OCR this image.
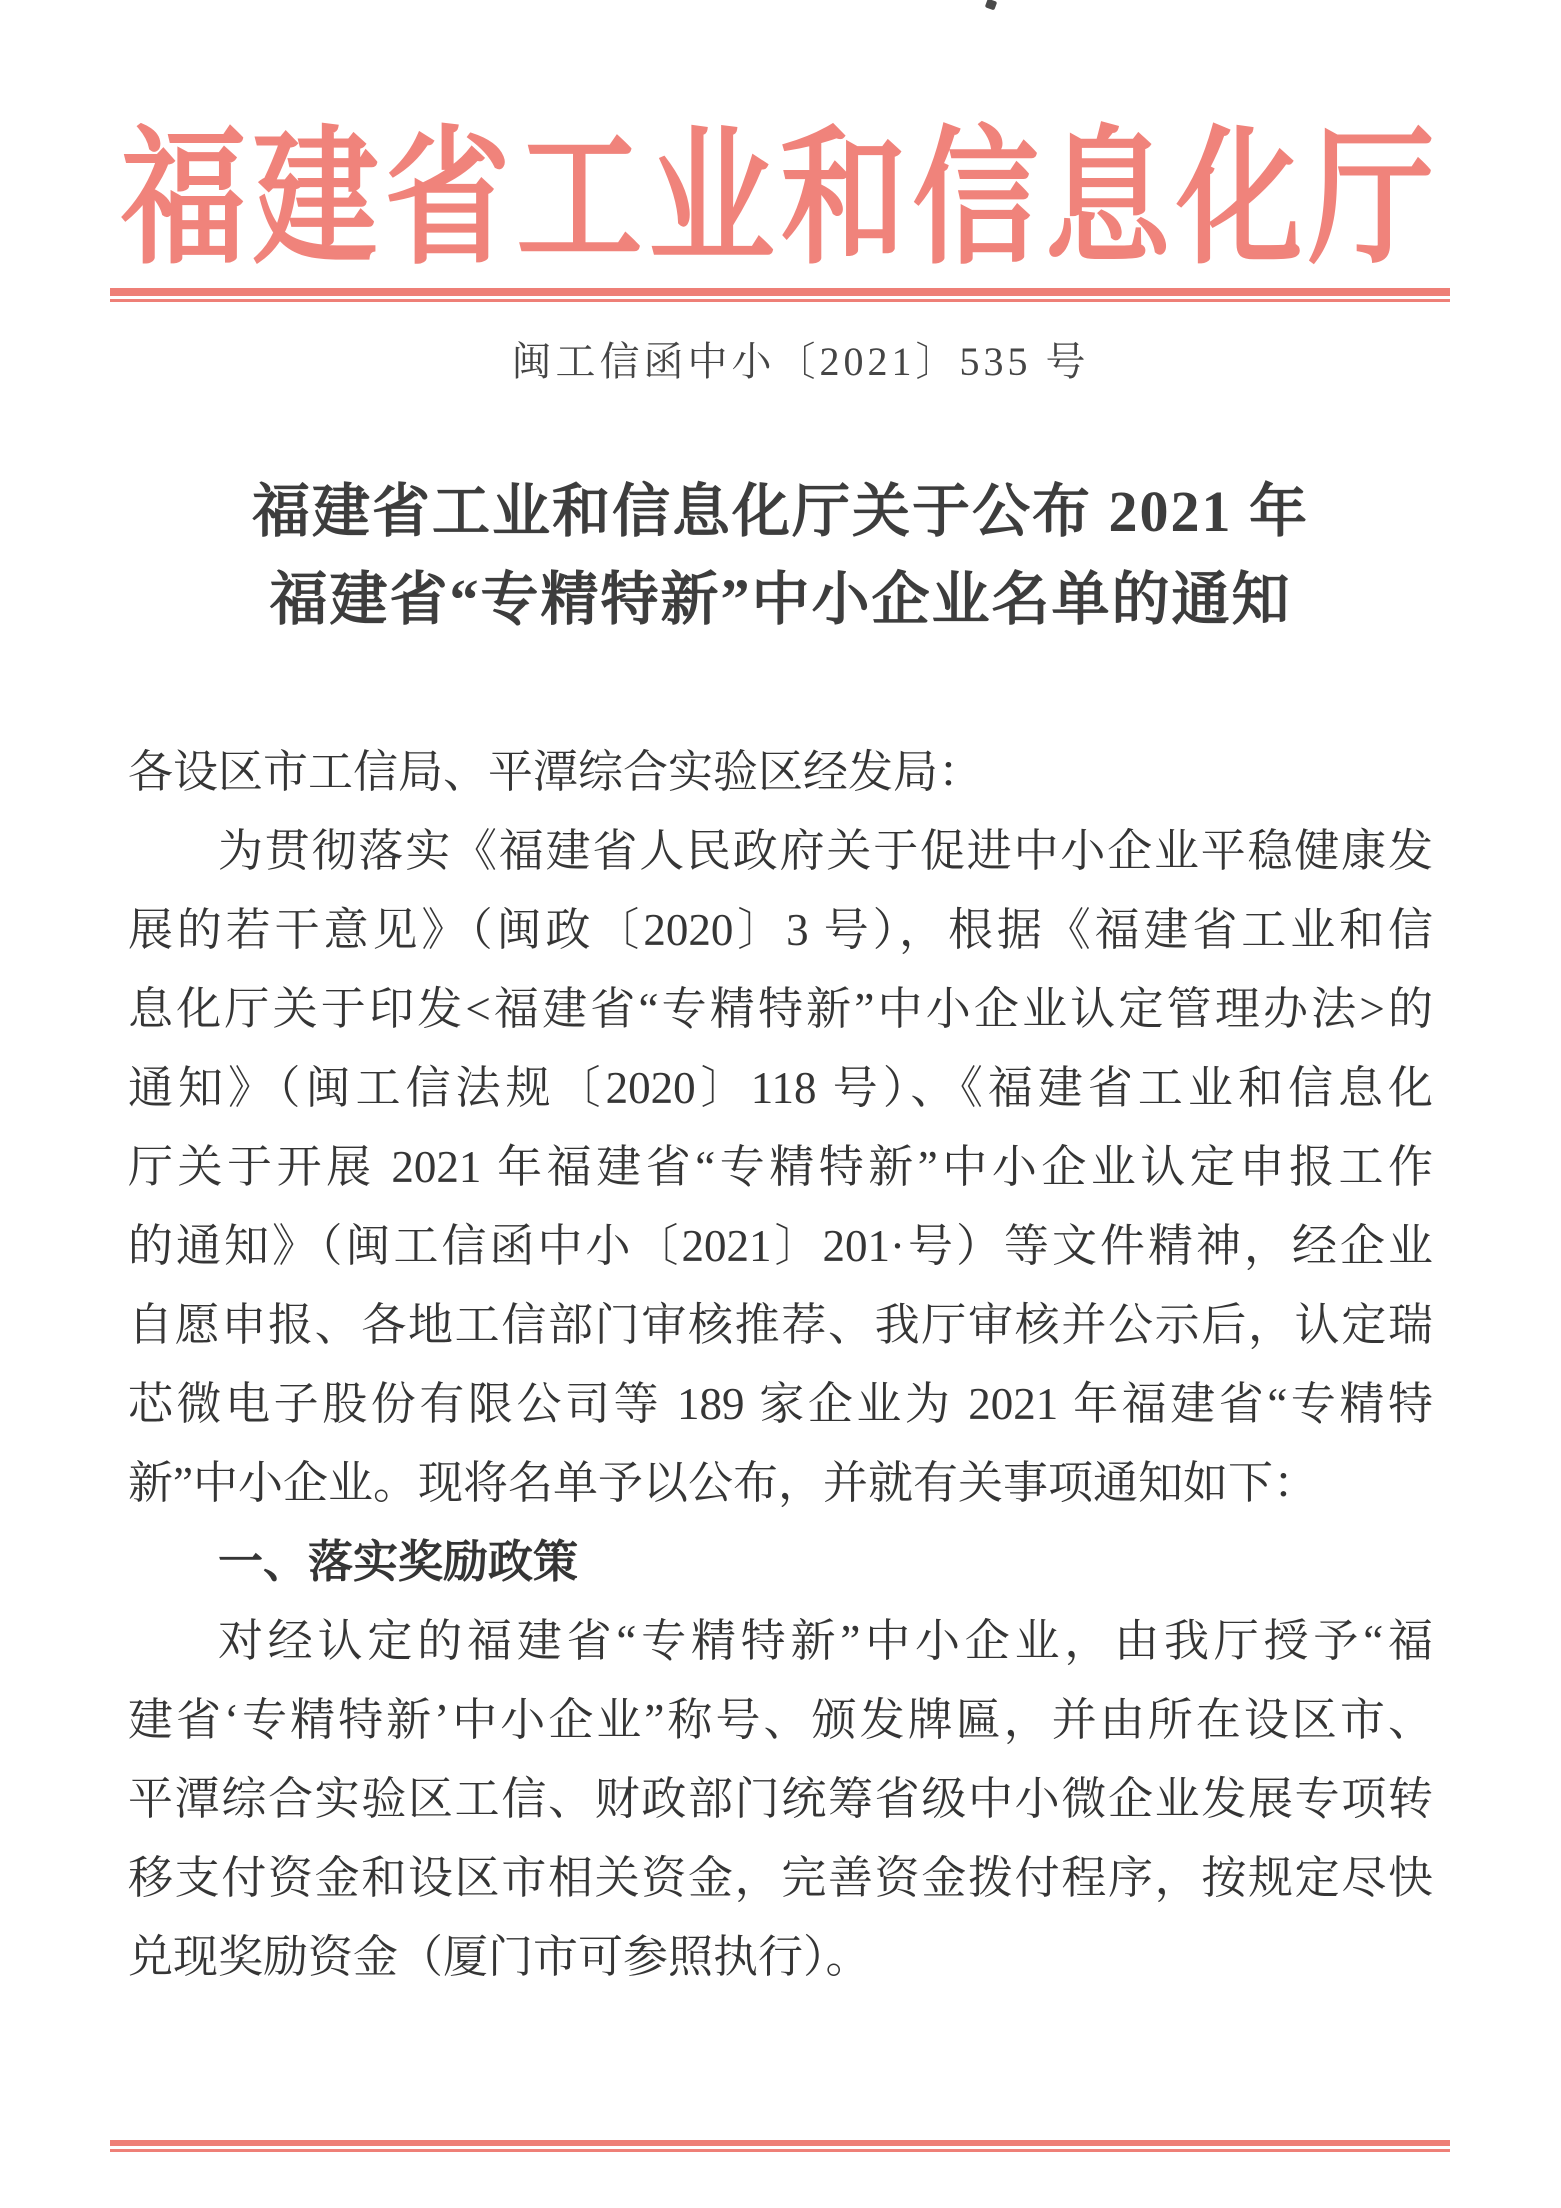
福建省工业和信息化厅
闽工信函中小〔2021〕535 号
福建省工业和信息化厅关于公布 2021 年
福建省“专精特新”中小企业名单的通知
各设区市工信局、平潭综合实验区经发局：
为贯彻落实《福建省人民政府关于促进中小企业平稳健康发
展的若干意见》（闽政〔2020〕3 号），根据《福建省工业和信
息化厅关于印发<福建省“专精特新”中小企业认定管理办法>的
通知》（闽工信法规〔2020〕118 号）、《福建省工业和信息化
厅关于开展 2021 年福建省“专精特新”中小企业认定申报工作
的通知》（闽工信函中小〔2021〕201·号）等文件精神，经企业
自愿申报、各地工信部门审核推荐、我厅审核并公示后，认定瑞
芯微电子股份有限公司等 189 家企业为 2021 年福建省“专精特
新”中小企业。现将名单予以公布，并就有关事项通知如下：
一、落实奖励政策
对经认定的福建省“专精特新”中小企业，由我厅授予“福
建省‘专精特新’中小企业”称号、颁发牌匾，并由所在设区市、
平潭综合实验区工信、财政部门统筹省级中小微企业发展专项转
移支付资金和设区市相关资金，完善资金拨付程序，按规定尽快
兑现奖励资金（厦门市可参照执行）。
